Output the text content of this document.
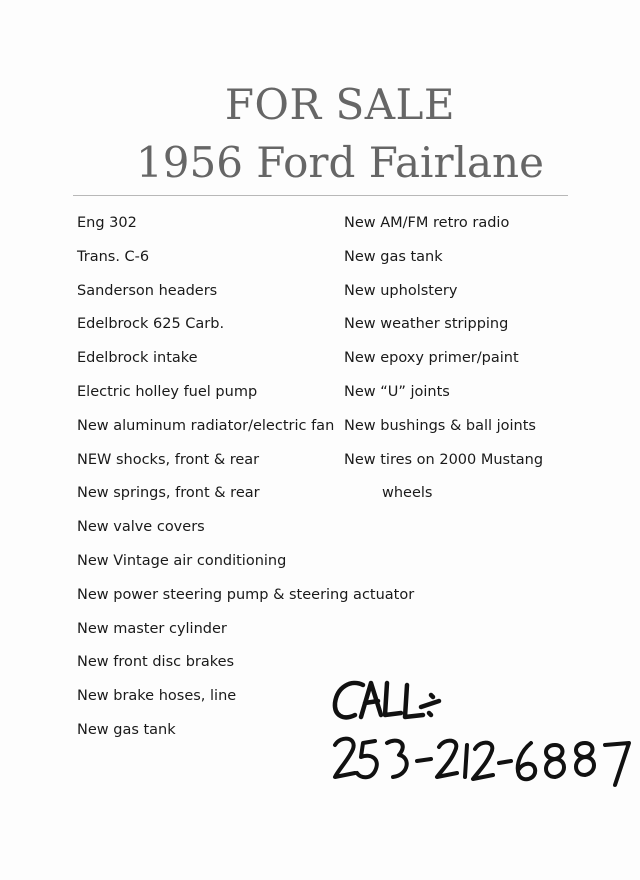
FOR SALE
1956 Ford Fairlane
Eng 302
Trans. C-6
Sanderson headers
Edelbrock 625 Carb.
Edelbrock intake
Electric holley fuel pump
New aluminum radiator/electric fan
NEW shocks, front & rear
New springs, front & rear
New valve covers
New Vintage air conditioning
New power steering pump & steering actuator
New master cylinder
New front disc brakes
New brake hoses, line
New gas tank
New AM/FM retro radio
New gas tank
New upholstery
New weather stripping
New epoxy primer/paint
New “U” joints
New bushings & ball joints
New tires on 2000 Mustang
wheels
